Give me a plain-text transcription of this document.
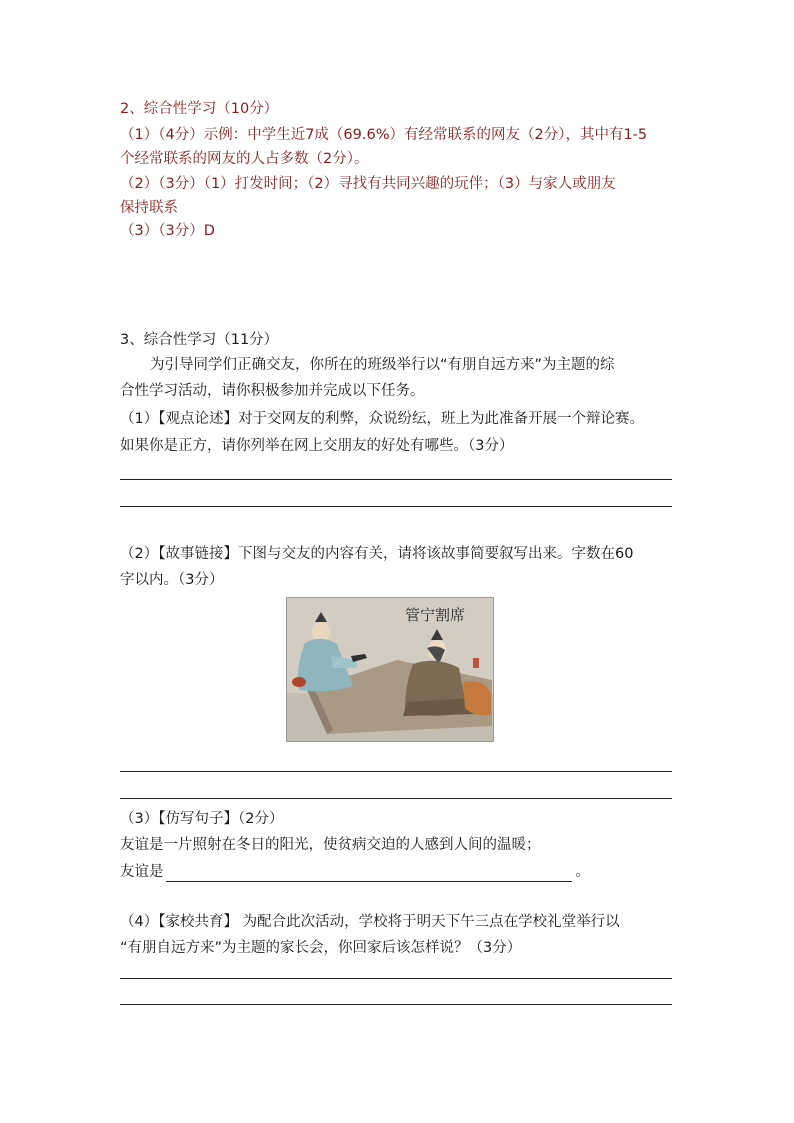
2、综合性学习（10分）
（1）（4分）示例：中学生近7成（69.6%）有经常联系的网友（2分），其中有1-5
个经常联系的网友的人占多数（2分）。
（2）（3分）（1）打发时间；（2）寻找有共同兴趣的玩伴；（3）与家人或朋友
保持联系
（3）（3分）D
3、综合性学习（11分）
为引导同学们正确交友，你所在的班级举行以“有朋自远方来”为主题的综
合性学习活动，请你积极参加并完成以下任务。
（1）【观点论述】对于交网友的利弊，众说纷纭，班上为此准备开展一个辩论赛。
如果你是正方，请你列举在网上交朋友的好处有哪些。（3分）
（2）【故事链接】下图与交友的内容有关，请将该故事简要叙写出来。字数在60
字以内。（3分）
管宁割席
（3）【仿写句子】（2分）
友谊是一片照射在冬日的阳光，使贫病交迫的人感到人间的温暖；
友谊是	。
（4）【家校共育】 为配合此次活动，学校将于明天下午三点在学校礼堂举行以
“有朋自远方来”为主题的家长会，你回家后该怎样说？（3分）
